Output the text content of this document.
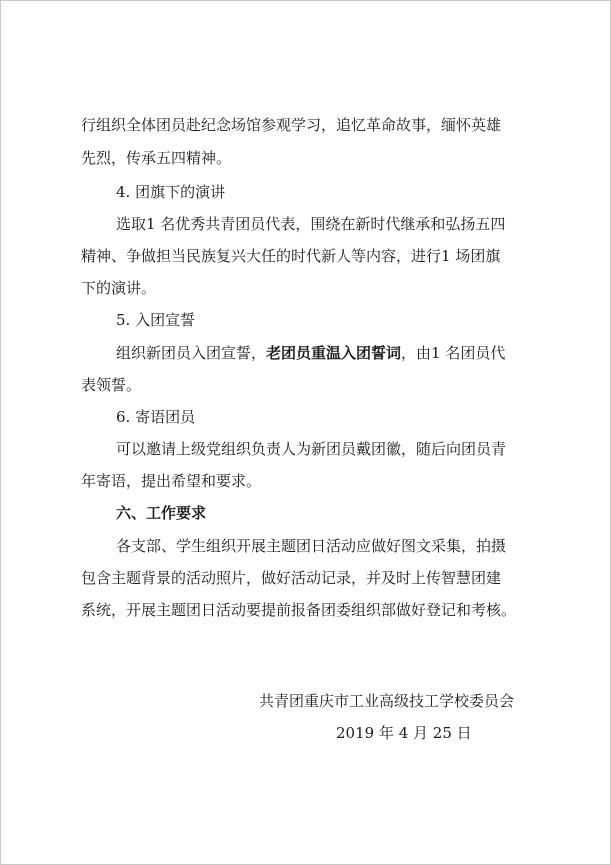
行组织全体团员赴纪念场馆参观学习，追忆革命故事，缅怀英雄
先烈，传承五四精神。
4. 团旗下的演讲
选取1 名优秀共青团员代表，围绕在新时代继承和弘扬五四
精神、争做担当民族复兴大任的时代新人等内容，进行1 场团旗
下的演讲。
5. 入团宣誓
组织新团员入团宣誓，老团员重温入团誓词，由1 名团员代
表领誓。
6. 寄语团员
可以邀请上级党组织负责人为新团员戴团徽，随后向团员青
年寄语，提出希望和要求。
六、工作要求
各支部、学生组织开展主题团日活动应做好图文采集，拍摄
包含主题背景的活动照片，做好活动记录，并及时上传智慧团建
系统，开展主题团日活动要提前报备团委组织部做好登记和考核。
共青团重庆市工业高级技工学校委员会
2019 年 4 月 25 日
